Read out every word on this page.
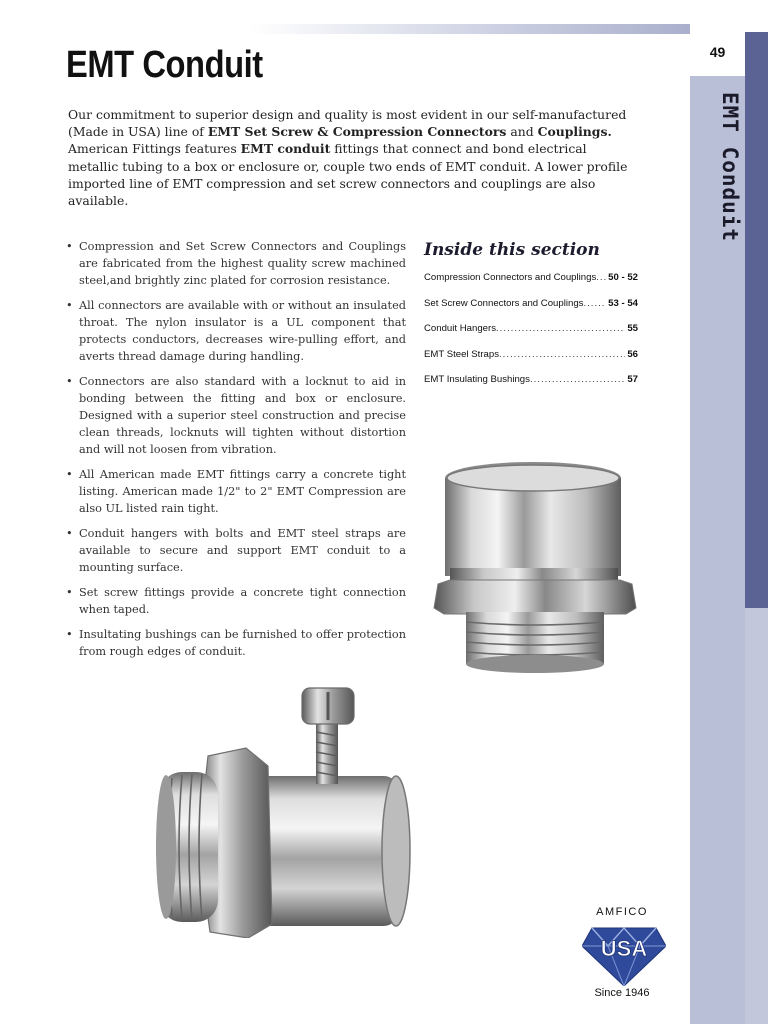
49
EMT Conduit
EMT Conduit

Our commitment to superior design and quality is most evident in our self-manufactured (Made in USA) line of EMT Set Screw & Compression Connectors and Couplings. American Fittings features EMT conduit fittings that connect and bond electrical metallic tubing to a box or enclosure or, couple two ends of EMT conduit. A lower profile imported line of EMT compression and set screw connectors and couplings are also available.

• Compression and Set Screw Connectors and Couplings are fabricated from the highest quality screw machined steel,and brightly zinc plated for corrosion resistance.
• All connectors are available with or without an insulated throat. The nylon insulator is a UL component that protects conductors, decreases wire-pulling effort, and averts thread damage during handling.
• Connectors are also standard with a locknut to aid in bonding between the fitting and box or enclosure. Designed with a superior steel construction and precise clean threads, locknuts will tighten without distortion and will not loosen from vibration.
• All American made EMT fittings carry a concrete tight listing. American made 1/2" to 2" EMT Compression are also UL listed rain tight.
• Conduit hangers with bolts and EMT steel straps are available to secure and support EMT conduit to a mounting surface.
• Set screw fittings provide a concrete tight connection when taped.
• Insultating bushings can be furnished to offer protection from rough edges of conduit.
Inside this section
Compression Connectors and Couplings ..... 50 - 52
Set Screw Connectors and Couplings .....	53 - 54
Conduit Hangers .....	55
EMT Steel Straps .....	56
EMT Insulating Bushings .....	57
AMFICO
USA
Since 1946
